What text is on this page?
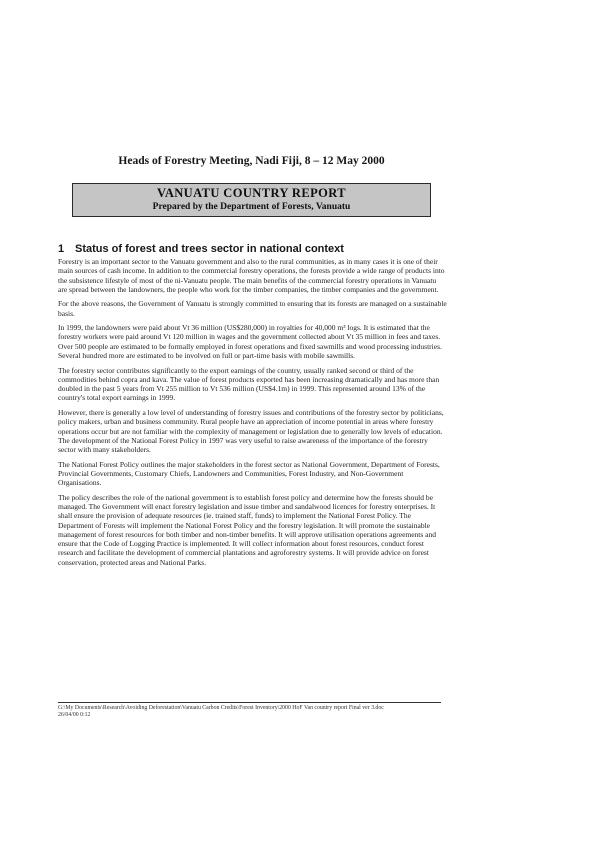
Heads of Forestry Meeting, Nadi Fiji, 8 – 12 May 2000
VANUATU COUNTRY REPORT
Prepared by the Department of Forests, Vanuatu
1 Status of forest and trees sector in national context

Forestry is an important sector to the Vanuatu government and also to the rural communities, as in many cases it is one of their main sources of cash income. In addition to the commercial forestry operations, the forests provide a wide range of products into the subsistence lifestyle of most of the ni-Vanuatu people. The main benefits of the commercial forestry operations in Vanuatu are spread between the landowners, the people who work for the timber companies, the timber companies and the government.

For the above reasons, the Government of Vanuatu is strongly committed to ensuring that its forests are managed on a sustainable basis.

In 1999, the landowners were paid about Vt 36 million (US$280,000) in royalties for 40,000 m³ logs. It is estimated that the forestry workers were paid around Vt 120 million in wages and the government collected about Vt 35 million in fees and taxes. Over 500 people are estimated to be formally employed in forest operations and fixed sawmills and wood processing industries. Several hundred more are estimated to be involved on full or part-time basis with mobile sawmills.

The forestry sector contributes significantly to the export earnings of the country, usually ranked second or third of the commodities behind copra and kava. The value of forest products exported has been increasing dramatically and has more than doubled in the past 5 years from Vt 255 million to Vt 536 million (US$4.1m) in 1999. This represented around 13% of the country's total export earnings in 1999.

However, there is generally a low level of understanding of forestry issues and contributions of the forestry sector by politicians, policy makers, urban and business community. Rural people have an appreciation of income potential in areas where forestry operations occur but are not familiar with the complexity of management or legislation due to generally low levels of education. The development of the National Forest Policy in 1997 was very useful to raise awareness of the importance of the forestry sector with many stakeholders.

The National Forest Policy outlines the major stakeholders in the forest sector as National Government, Department of Forests, Provincial Governments, Customary Chiefs, Landowners and Communities, Forest Industry, and Non-Government Organisations.

The policy describes the role of the national government is to establish forest policy and determine how the forests should be managed. The Government will enact forestry legislation and issue timber and sandalwood licences for forestry enterprises. It shall ensure the provision of adequate resources (ie. trained staff, funds) to implement the National Forest Policy. The Department of Forests will implement the National Forest Policy and the forestry legislation. It will promote the sustainable management of forest resources for both timber and non-timber benefits. It will approve utilisation operations agreements and ensure that the Code of Logging Practice is implemented. It will collect information about forest resources, conduct forest research and facilitate the development of commercial plantations and agroforestry systems. It will provide advice on forest conservation, protected areas and National Parks.

G:\My Documents\Research\Avoiding Deforestation\Vanuatu Carbon Credits\Forest Inventory\2000 HoF Van country report Final ver 3.doc
26/04/00 0:12
